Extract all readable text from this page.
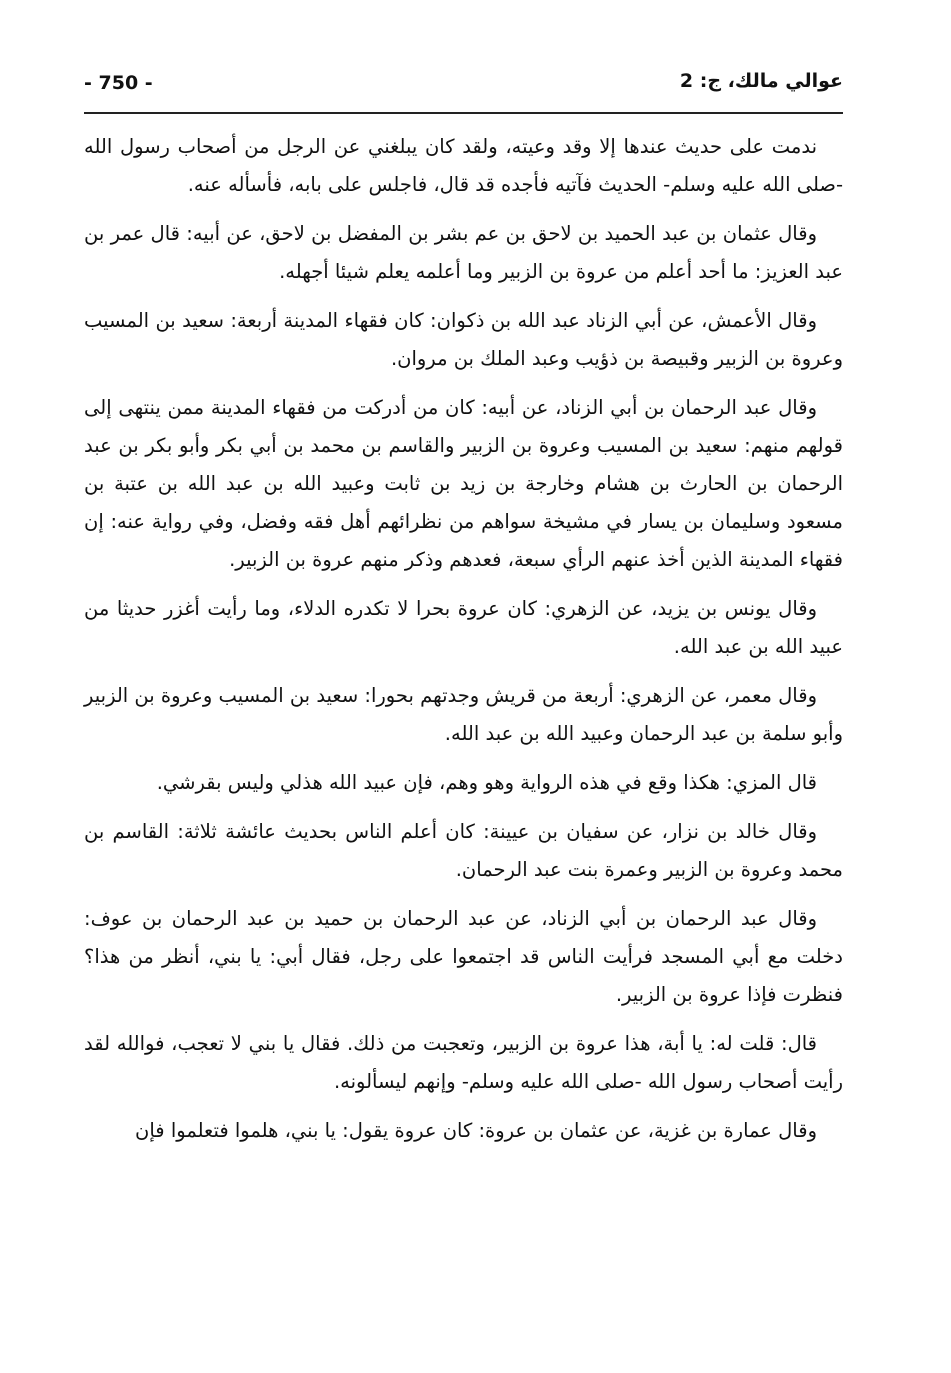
- 750 -	عوالي مالك، ج: 2

ندمت على حديث عندها إلا وقد وعيته، ولقد كان يبلغني عن الرجل من أصحاب رسول الله -صلى الله عليه وسلم- الحديث فآتيه فأجده قد قال، فاجلس على بابه، فأسأله عنه.

وقال عثمان بن عبد الحميد بن لاحق بن عم بشر بن المفضل بن لاحق، عن أبيه: قال عمر بن عبد العزيز: ما أحد أعلم من عروة بن الزبير وما أعلمه يعلم شيئا أجهله.

وقال الأعمش، عن أبي الزناد عبد الله بن ذكوان: كان فقهاء المدينة أربعة: سعيد بن المسيب وعروة بن الزبير وقبيصة بن ذؤيب وعبد الملك بن مروان.

وقال عبد الرحمان بن أبي الزناد، عن أبيه: كان من أدركت من فقهاء المدينة ممن ينتهى إلى قولهم منهم: سعيد بن المسيب وعروة بن الزبير والقاسم بن محمد بن أبي بكر وأبو بكر بن عبد الرحمان بن الحارث بن هشام وخارجة بن زيد بن ثابت وعبيد الله بن عبد الله بن عتبة بن مسعود وسليمان بن يسار في مشيخة سواهم من نظرائهم أهل فقه وفضل، وفي رواية عنه: إن فقهاء المدينة الذين أخذ عنهم الرأي سبعة، فعدهم وذكر منهم عروة بن الزبير.

وقال يونس بن يزيد، عن الزهري: كان عروة بحرا لا تكدره الدلاء، وما رأيت أغزر حديثا من عبيد الله بن عبد الله.

وقال معمر، عن الزهري: أربعة من قريش وجدتهم بحورا: سعيد بن المسيب وعروة بن الزبير وأبو سلمة بن عبد الرحمان وعبيد الله بن عبد الله.

قال المزي: هكذا وقع في هذه الرواية وهو وهم، فإن عبيد الله هذلي وليس بقرشي.

وقال خالد بن نزار، عن سفيان بن عيينة: كان أعلم الناس بحديث عائشة ثلاثة: القاسم بن محمد وعروة بن الزبير وعمرة بنت عبد الرحمان.

وقال عبد الرحمان بن أبي الزناد، عن عبد الرحمان بن حميد بن عبد الرحمان بن عوف: دخلت مع أبي المسجد فرأيت الناس قد اجتمعوا على رجل، فقال أبي: يا بني، أنظر من هذا؟ فنظرت فإذا عروة بن الزبير.

قال: قلت له: يا أبة، هذا عروة بن الزبير، وتعجبت من ذلك. فقال يا بني لا تعجب، فوالله لقد رأيت أصحاب رسول الله -صلى الله عليه وسلم- وإنهم ليسألونه.

وقال عمارة بن غزية، عن عثمان بن عروة: كان عروة يقول: يا بني، هلموا فتعلموا فإن
